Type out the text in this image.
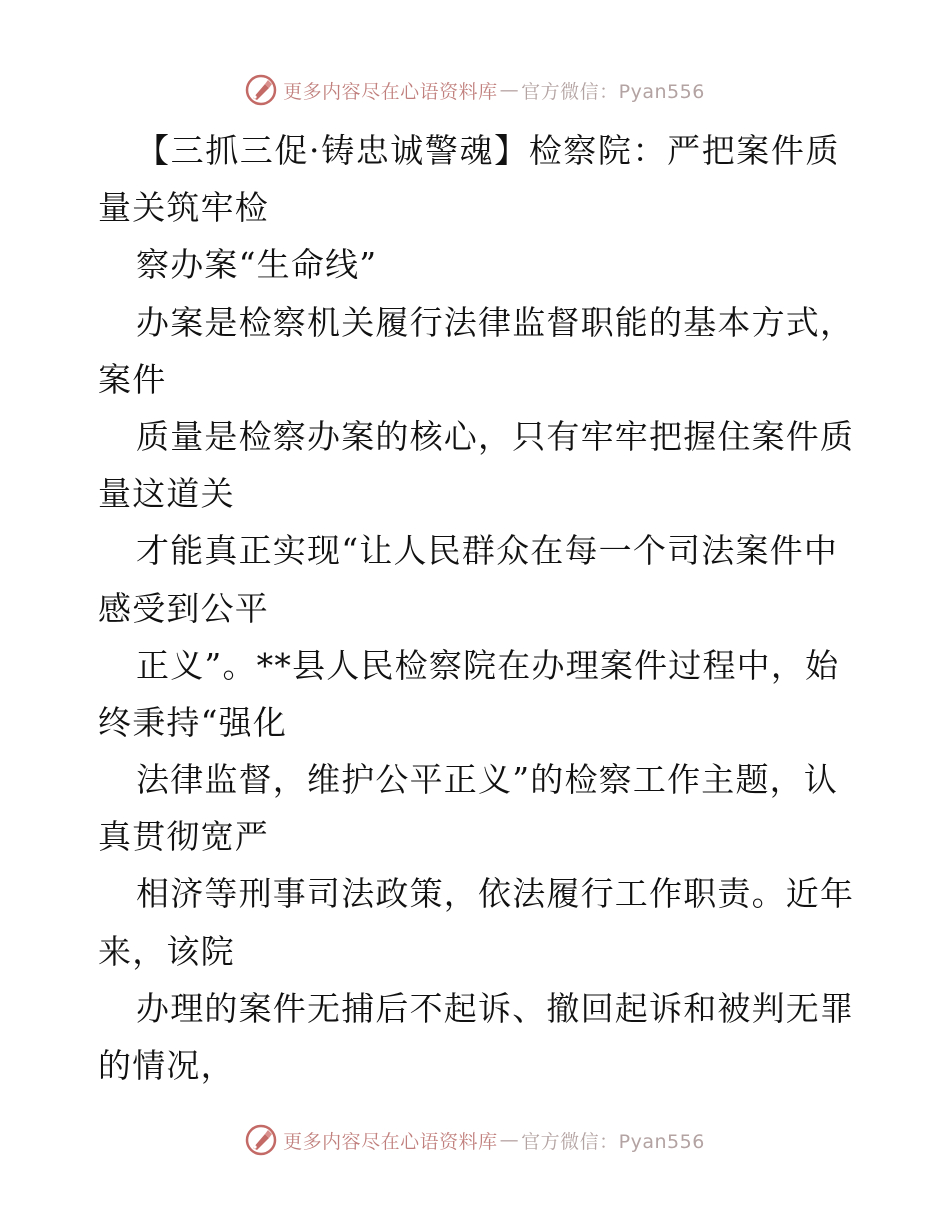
更多内容尽在心语资料库 — 官方微信：Pyan556
【三抓三促·铸忠诚警魂】检察院：严把案件质
量关筑牢检
察办案“生命线”
办案是检察机关履行法律监督职能的基本方式，
案件
质量是检察办案的核心，只有牢牢把握住案件质
量这道关
才能真正实现“让人民群众在每一个司法案件中
感受到公平
正义”。**县人民检察院在办理案件过程中，始
终秉持“强化
法律监督，维护公平正义”的检察工作主题，认
真贯彻宽严
相济等刑事司法政策，依法履行工作职责。近年
来，该院
办理的案件无捕后不起诉、撤回起诉和被判无罪
的情况，
更多内容尽在心语资料库 — 官方微信：Pyan556
